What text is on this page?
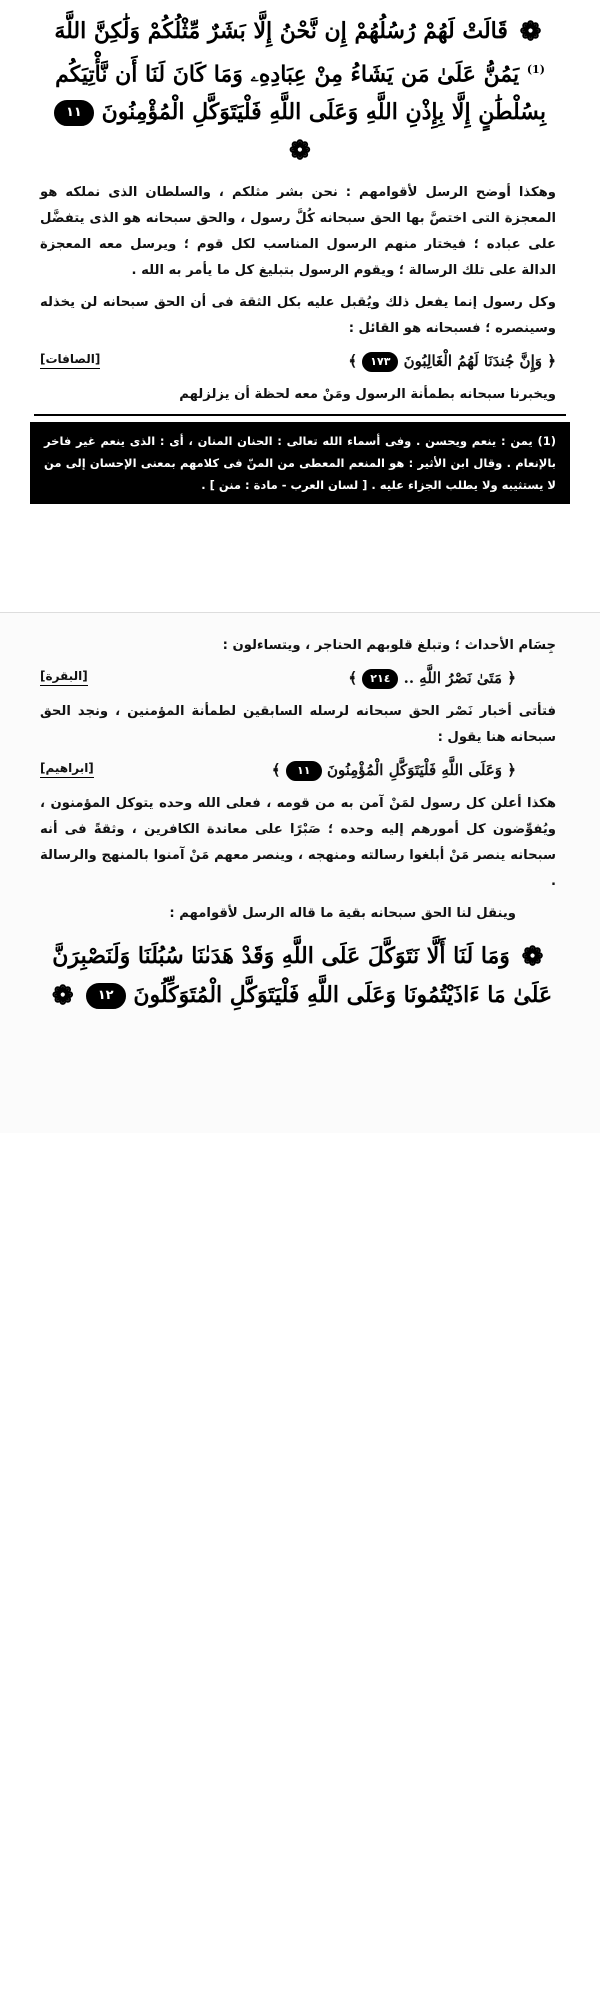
❁ قَالَتْ لَهُمْ رُسُلُهُمْ إِن نَّحْنُ إِلَّا بَشَرٌ مِّثْلُكُمْ وَلَٰكِنَّ اللَّهَ
$^{(1)}$ يَمُنُّ عَلَىٰ مَن يَشَاءُ مِنْ عِبَادِهِۦ وَمَا كَانَ لَنَا أَن نَّأْتِيَكُم
بِسُلْطَٰنٍ إِلَّا بِإِذْنِ اللَّهِ وَعَلَى اللَّهِ فَلْيَتَوَكَّلِ الْمُؤْمِنُونَ ١١ ❁

وهكذا أوضح الرسل لأقوامهم : نحن بشر مثلكم ، والسلطان الذى نملكه هو المعجزة التى اختصَّ بها الحق سبحانه كُلَّ رسول ، والحق سبحانه هو الذى يتفضَّل على عباده ؛ فيختار منهم الرسول المناسب لكل قوم ؛ ويرسل معه المعجزة الدالة على تلك الرسالة ؛ ويقوم الرسول بتبليغ كل ما يأمر به الله .

وكل رسول إنما يفعل ذلك ويُقبل عليه بكل الثقة فى أن الحق سبحانه لن يخذله وسينصره ؛ فسبحانه هو القائل :

﴿ وَإِنَّ جُندَنَا لَهُمُ الْغَالِبُونَ ١٧٣ ﴾
[الصافات]

ويخبرنا سبحانه بطمأنة الرسول ومَنْ معه لحظة أن يزلزلهم

(1) يمن : ينعم ويحسن . وفى أسماء الله تعالى : الحنان المنان ، أى : الذى ينعم غير فاخر بالإنعام . وقال ابن الأثير : هو المنعم المعطى من المنّ فى كلامهم بمعنى الإحسان إلى من لا يستثيبه ولا يطلب الجزاء عليه . [ لسان العرب - مادة : منن ] .

جِسَام الأحداث ؛ وتبلغ قلوبهم الحناجر ، ويتساءلون :

﴿ مَتَىٰ نَصْرُ اللَّهِ .. ٢١٤ ﴾
[البقرة]

فتأتى أخبار نَصْر الحق سبحانه لرسله السابقين لطمأنة المؤمنين ، ونجد الحق سبحانه هنا يقول :

﴿ وَعَلَى اللَّهِ فَلْيَتَوَكَّلِ الْمُؤْمِنُونَ ١١ ﴾
[ابراهيم]

هكذا أعلن كل رسول لمَنْ آمن به من قومه ، فعلى الله وحده يتوكل المؤمنون ، ويُفوِّضون كل أمورهم إليه وحده ؛ صَبْرًا على معاندة الكافرين ، وثقةً فى أنه سبحانه ينصر مَنْ أبلغوا رسالته ومنهجه ، وينصر معهم مَنْ آمنوا بالمنهج والرسالة .

وينقل لنا الحق سبحانه بقية ما قاله الرسل لأقوامهم :

❁ وَمَا لَنَا أَلَّا نَتَوَكَّلَ عَلَى اللَّهِ وَقَدْ هَدَىٰنَا سُبُلَنَا وَلَنَصْبِرَنَّ
عَلَىٰ مَا ءَاذَيْتُمُونَا وَعَلَى اللَّهِ فَلْيَتَوَكَّلِ الْمُتَوَكِّلُونَ ١٢ ❁
